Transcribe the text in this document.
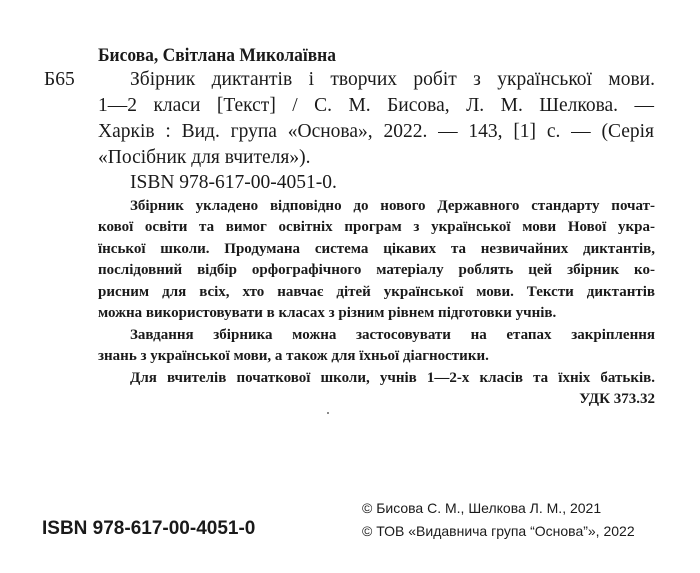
Бисова, Світлана Миколаївна
Б65	Збірник диктантів і творчих робіт з української мови.
1—2 класи [Текст] / С. М. Бисова, Л. М. Шелкова. —
Харків : Вид. група «Основа», 2022. — 143, [1] с. — (Серія
«Посібник для вчителя»).
ISBN 978-617-00-4051-0.
Збірник укладено відповідно до нового Державного стандарту почат-
кової освіти та вимог освітніх програм з української мови Нової укра-
їнської школи. Продумана система цікавих та незвичайних диктантів,
послідовний відбір орфографічного матеріалу роблять цей збірник ко-
рисним для всіх, хто навчає дітей української мови. Тексти диктантів
можна використовувати в класах з різним рівнем підготовки учнів.
Завдання збірника можна застосовувати на етапах закріплення
знань з української мови, а також для їхньої діагностики.
Для вчителів початкової школи, учнів 1—2-х класів та їхніх батьків.
УДК 373.32
ISBN 978-617-00-4051-0
© Бисова С. М., Шелкова Л. М., 2021
© ТОВ «Видавнича група “Основа”», 2022
